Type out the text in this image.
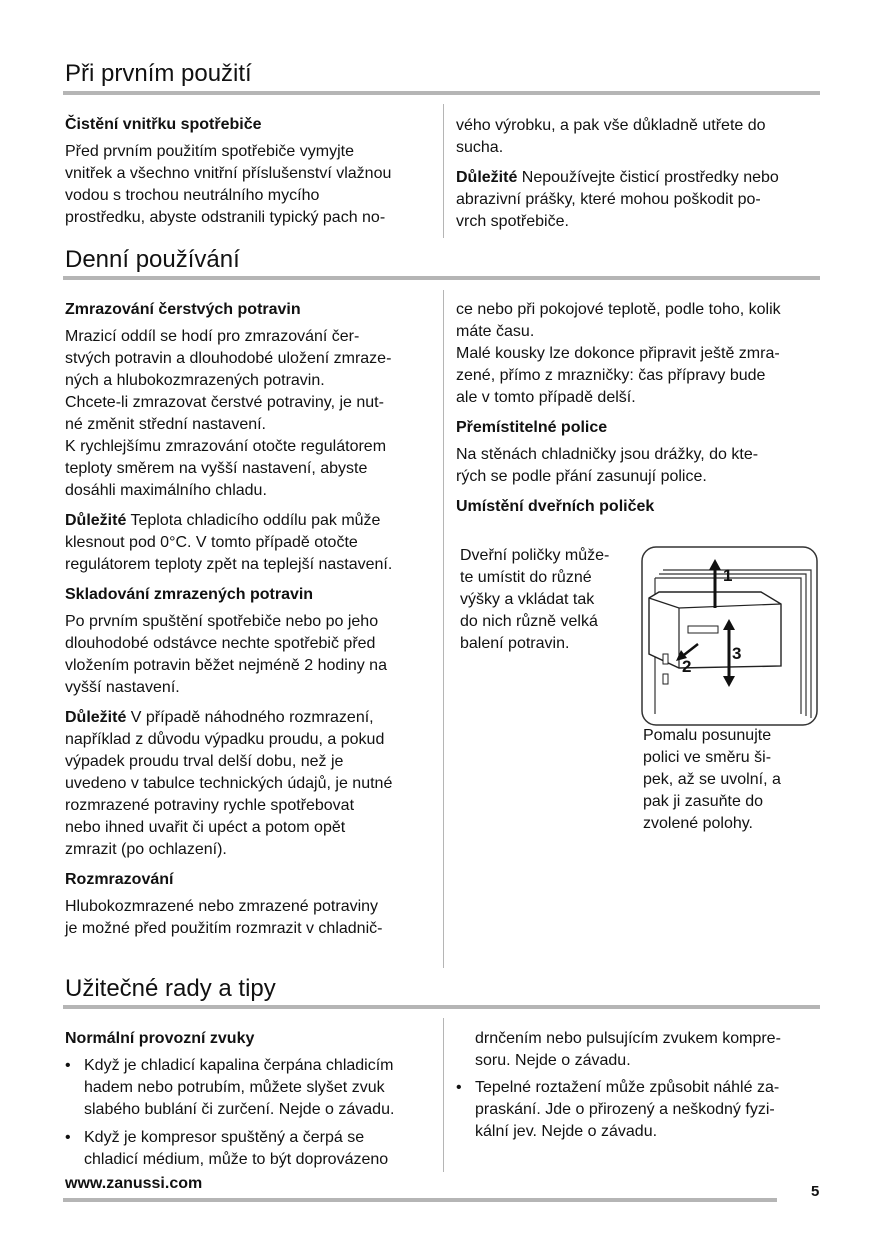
Při prvním použití
Čistění vnitřku spotřebiče

Před prvním použitím spotřebiče vymyjte
vnitřek a všechno vnitřní příslušenství vlažnou
vodou s trochou neutrálního mycího
prostředku, abyste odstranili typický pach no-

vého výrobku, a pak vše důkladně utřete do
sucha.

Důležité Nepoužívejte čisticí prostředky nebo
abrazivní prášky, které mohou poškodit po-
vrch spotřebiče.

Denní používání
Zmrazování čerstvých potravin

Mrazicí oddíl se hodí pro zmrazování čer-
stvých potravin a dlouhodobé uložení zmraze-
ných a hlubokozmrazených potravin.
Chcete-li zmrazovat čerstvé potraviny, je nut-
né změnit střední nastavení.
K rychlejšímu zmrazování otočte regulátorem
teploty směrem na vyšší nastavení, abyste
dosáhli maximálního chladu.

Důležité Teplota chladicího oddílu pak může
klesnout pod 0°C. V tomto případě otočte
regulátorem teploty zpět na teplejší nastavení.

Skladování zmrazených potravin

Po prvním spuštění spotřebiče nebo po jeho
dlouhodobé odstávce nechte spotřebič před
vložením potravin běžet nejméně 2 hodiny na
vyšší nastavení.

Důležité V případě náhodného rozmrazení,
například z důvodu výpadku proudu, a pokud
výpadek proudu trval delší dobu, než je
uvedeno v tabulce technických údajů, je nutné
rozmrazené potraviny rychle spotřebovat
nebo ihned uvařit či upéct a potom opět
zmrazit (po ochlazení).

Rozmrazování

Hlubokozmrazené nebo zmrazené potraviny
je možné před použitím rozmrazit v chladnič-

ce nebo při pokojové teplotě, podle toho, kolik
máte času.
Malé kousky lze dokonce připravit ještě zmra-
zené, přímo z mrazničky: čas přípravy bude
ale v tomto případě delší.

Přemístitelné police

Na stěnách chladničky jsou drážky, do kte-
rých se podle přání zasunují police.

Umístění dveřních poliček

Dveřní poličky může-
te umístit do různé
výšky a vkládat tak
do nich různě velká
balení potravin.

1
2
3

Pomalu posunujte
polici ve směru ši-
pek, až se uvolní, a
pak ji zasuňte do
zvolené polohy.

Užitečné rady a tipy
Normální provozní zvuky
• Když je chladicí kapalina čerpána chladicím
hadem nebo potrubím, můžete slyšet zvuk
slabého bublání či zurčení. Nejde o závadu.
• Když je kompresor spuštěný a čerpá se
chladicí médium, může to být doprovázeno

drnčením nebo pulsujícím zvukem kompre-
soru. Nejde o závadu.

• Tepelné roztažení může způsobit náhlé za-
praskání. Jde o přirozený a neškodný fyzi-
kální jev. Nejde o závadu.

www.zanussi.com	5
